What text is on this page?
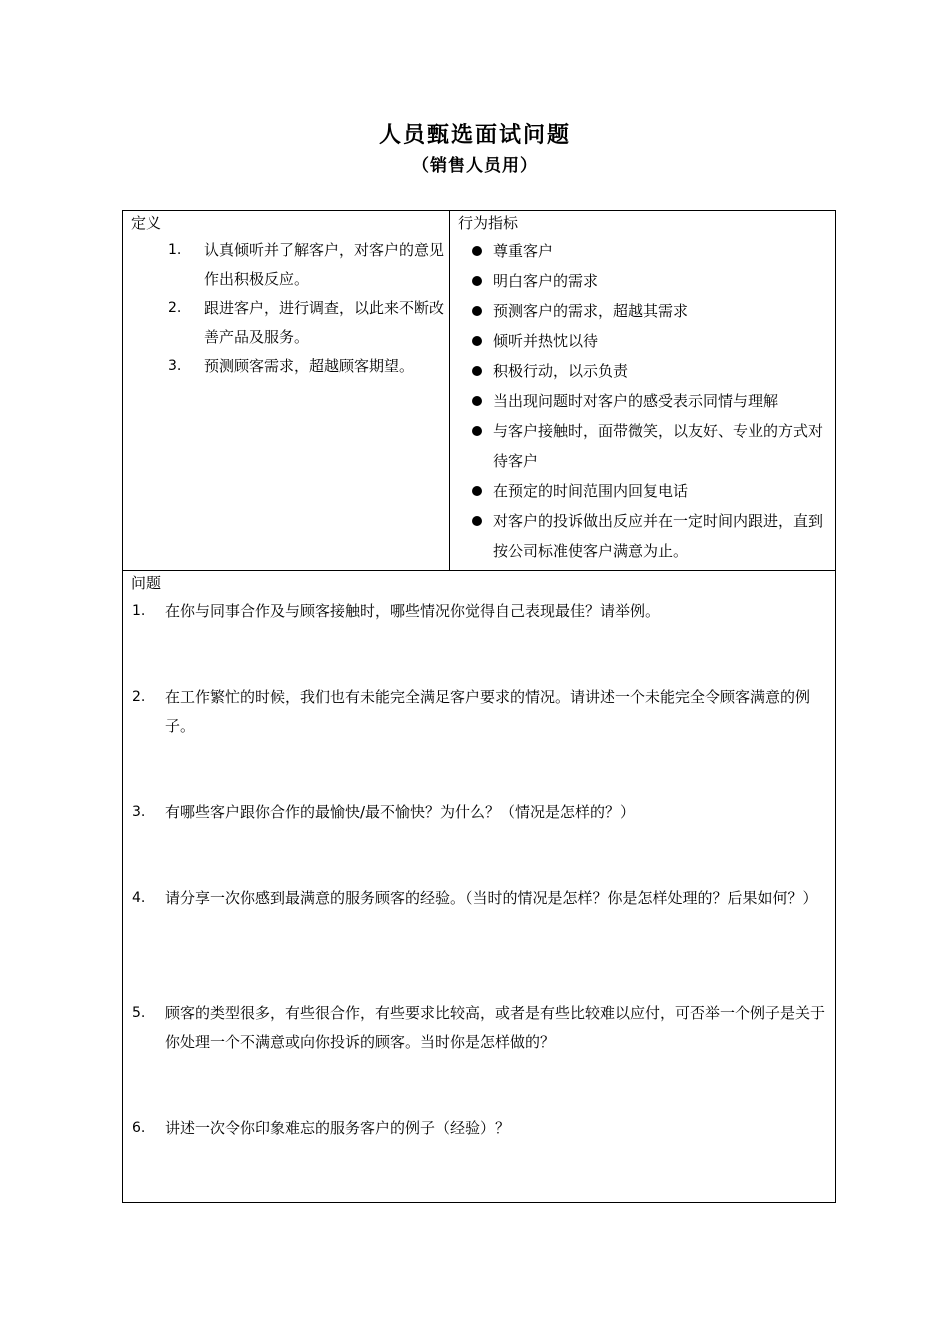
人员甄选面试问题
（销售人员用）
定义
1. 认真倾听并了解客户，对客户的意见作出积极反应。
2. 跟进客户，进行调查，以此来不断改善产品及服务。
3. 预测顾客需求，超越顾客期望。
行为指标
尊重客户
明白客户的需求
预测客户的需求，超越其需求
倾听并热忱以待
积极行动，以示负责
当出现问题时对客户的感受表示同情与理解
与客户接触时，面带微笑，以友好、专业的方式对待客户
在预定的时间范围内回复电话
对客户的投诉做出反应并在一定时间内跟进，直到按公司标准使客户满意为止。
问题
1. 在你与同事合作及与顾客接触时，哪些情况你觉得自己表现最佳？请举例。
2. 在工作繁忙的时候，我们也有未能完全满足客户要求的情况。请讲述一个未能完全令顾客满意的例子。
3. 有哪些客户跟你合作的最愉快/最不愉快？为什么？（情况是怎样的？）
4. 请分享一次你感到最满意的服务顾客的经验。（当时的情况是怎样？你是怎样处理的？后果如何？）
5. 顾客的类型很多，有些很合作，有些要求比较高，或者是有些比较难以应付，可否举一个例子是关于你处理一个不满意或向你投诉的顾客。当时你是怎样做的？
6. 讲述一次令你印象难忘的服务客户的例子（经验）？
